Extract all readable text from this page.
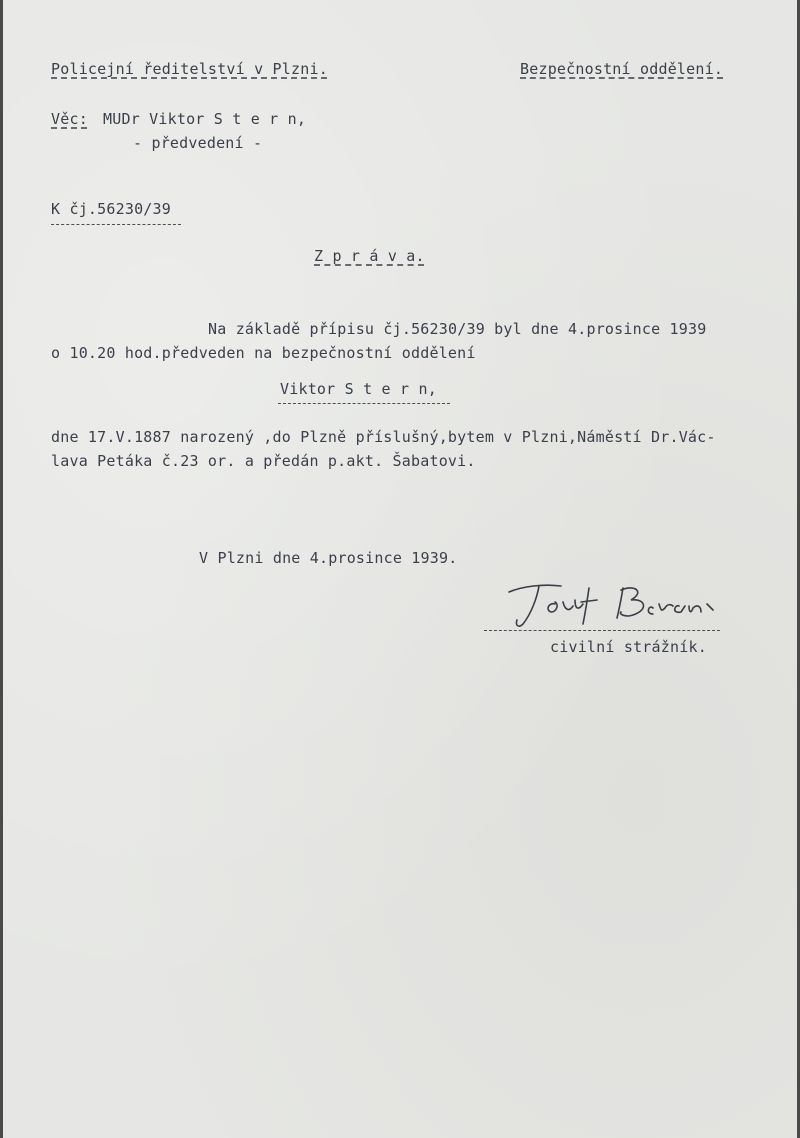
Policejní ředitelství v Plzni.	Bezpečnostní oddělení.
Věc: MUDr Viktor S t e r n,
- předvedení -
K čj.56230/39
Z p r á v a.
Na základě přípisu čj.56230/39 byl dne 4.prosince 1939
o 10.20 hod.předveden na bezpečnostní oddělení
Viktor S t e r n,
dne 17.V.1887 narozený ,do Plzně příslušný,bytem v Plzni,Náměstí Dr.Vác-
lava Petáka č.23 or. a předán p.akt. Šabatovi.
V Plzni dne 4.prosince 1939.
civilní strážník.
